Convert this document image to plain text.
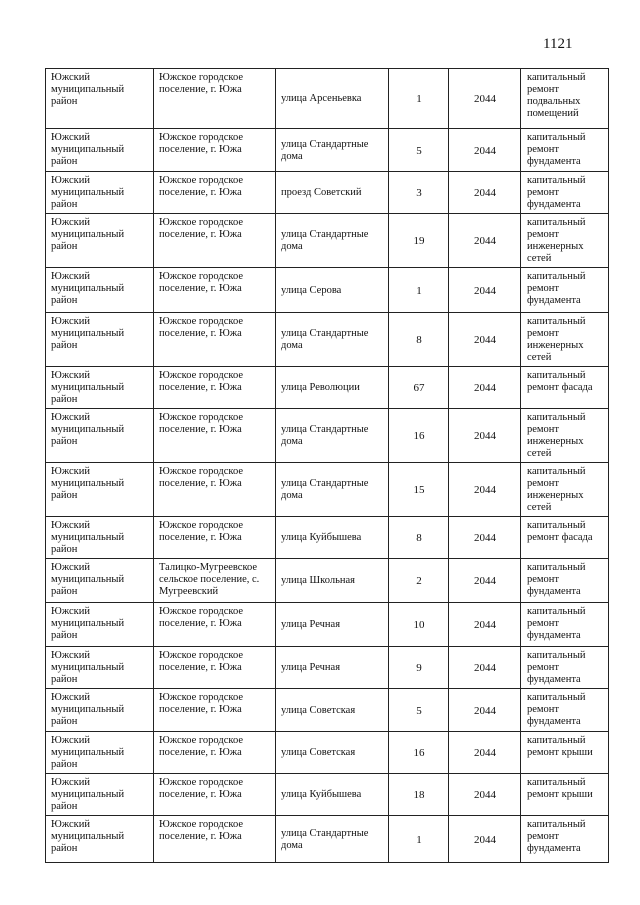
1121
Южский муниципальный район	Южское городское поселение, г. Южа	улица Арсеньевка	1	2044	капитальный ремонт подвальных помещений
Южский муниципальный район	Южское городское поселение, г. Южа	улица Стандартные дома	5	2044	капитальный ремонт фундамента
Южский муниципальный район	Южское городское поселение, г. Южа	проезд Советский	3	2044	капитальный ремонт фундамента
Южский муниципальный район	Южское городское поселение, г. Южа	улица Стандартные дома	19	2044	капитальный ремонт инженерных сетей
Южский муниципальный район	Южское городское поселение, г. Южа	улица Серова	1	2044	капитальный ремонт фундамента
Южский муниципальный район	Южское городское поселение, г. Южа	улица Стандартные дома	8	2044	капитальный ремонт инженерных сетей
Южский муниципальный район	Южское городское поселение, г. Южа	улица Революции	67	2044	капитальный ремонт фасада
Южский муниципальный район	Южское городское поселение, г. Южа	улица Стандартные дома	16	2044	капитальный ремонт инженерных сетей
Южский муниципальный район	Южское городское поселение, г. Южа	улица Стандартные дома	15	2044	капитальный ремонт инженерных сетей
Южский муниципальный район	Южское городское поселение, г. Южа	улица Куйбышева	8	2044	капитальный ремонт фасада
Южский муниципальный район	Талицко-Мугреевское сельское поселение, с. Мугреевский	улица Школьная	2	2044	капитальный ремонт фундамента
Южский муниципальный район	Южское городское поселение, г. Южа	улица Речная	10	2044	капитальный ремонт фундамента
Южский муниципальный район	Южское городское поселение, г. Южа	улица Речная	9	2044	капитальный ремонт фундамента
Южский муниципальный район	Южское городское поселение, г. Южа	улица Советская	5	2044	капитальный ремонт фундамента
Южский муниципальный район	Южское городское поселение, г. Южа	улица Советская	16	2044	капитальный ремонт крыши
Южский муниципальный район	Южское городское поселение, г. Южа	улица Куйбышева	18	2044	капитальный ремонт крыши
Южский муниципальный район	Южское городское поселение, г. Южа	улица Стандартные дома	1	2044	капитальный ремонт фундамента
